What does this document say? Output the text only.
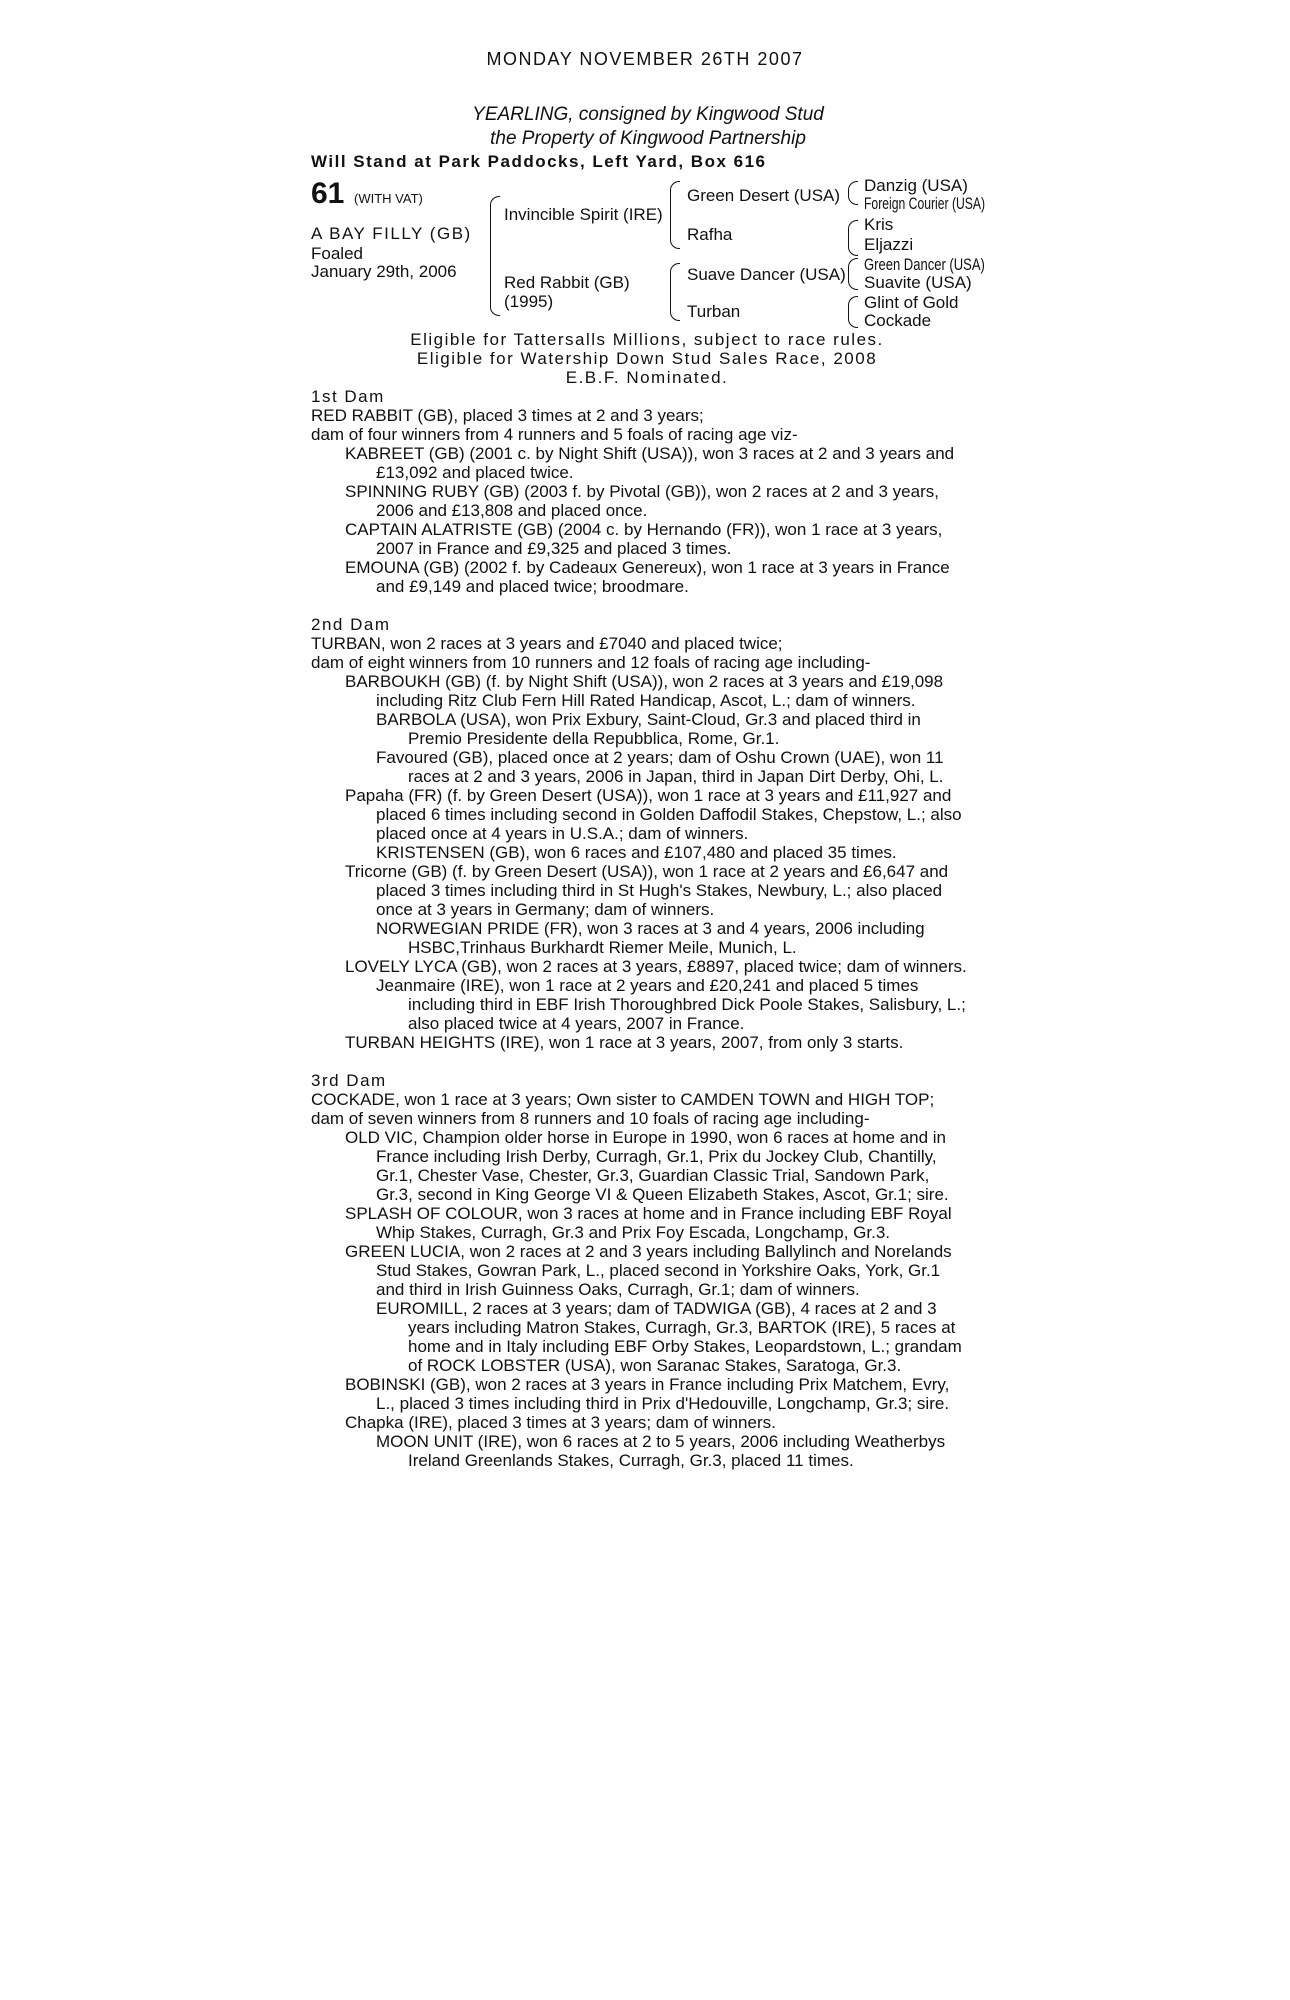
MONDAY NOVEMBER 26TH 2007
YEARLING, consigned by Kingwood Stud
the Property of Kingwood Partnership
Will Stand at Park Paddocks, Left Yard, Box 616
61 (WITH VAT)
A BAY FILLY (GB)
Foaled
January 29th, 2006
Invincible Spirit (IRE)
Red Rabbit (GB)
(1995)
Green Desert (USA)
Rafha
Suave Dancer (USA)
Turban
Danzig (USA)
Foreign Courier (USA)
Kris
Eljazzi
Green Dancer (USA)
Suavite (USA)
Glint of Gold
Cockade
Eligible for Tattersalls Millions, subject to race rules.
Eligible for Watership Down Stud Sales Race, 2008
E.B.F. Nominated.
1st Dam
RED RABBIT (GB), placed 3 times at 2 and 3 years;
dam of four winners from 4 runners and 5 foals of racing age viz-
KABREET (GB) (2001 c. by Night Shift (USA)), won 3 races at 2 and 3 years and
£13,092 and placed twice.
SPINNING RUBY (GB) (2003 f. by Pivotal (GB)), won 2 races at 2 and 3 years,
2006 and £13,808 and placed once.
CAPTAIN ALATRISTE (GB) (2004 c. by Hernando (FR)), won 1 race at 3 years,
2007 in France and £9,325 and placed 3 times.
EMOUNA (GB) (2002 f. by Cadeaux Genereux), won 1 race at 3 years in France
and £9,149 and placed twice; broodmare.
2nd Dam
TURBAN, won 2 races at 3 years and £7040 and placed twice;
dam of eight winners from 10 runners and 12 foals of racing age including-
BARBOUKH (GB) (f. by Night Shift (USA)), won 2 races at 3 years and £19,098
including Ritz Club Fern Hill Rated Handicap, Ascot, L.; dam of winners.
BARBOLA (USA), won Prix Exbury, Saint-Cloud, Gr.3 and placed third in
Premio Presidente della Repubblica, Rome, Gr.1.
Favoured (GB), placed once at 2 years; dam of Oshu Crown (UAE), won 11
races at 2 and 3 years, 2006 in Japan, third in Japan Dirt Derby, Ohi, L.
Papaha (FR) (f. by Green Desert (USA)), won 1 race at 3 years and £11,927 and
placed 6 times including second in Golden Daffodil Stakes, Chepstow, L.; also
placed once at 4 years in U.S.A.; dam of winners.
KRISTENSEN (GB), won 6 races and £107,480 and placed 35 times.
Tricorne (GB) (f. by Green Desert (USA)), won 1 race at 2 years and £6,647 and
placed 3 times including third in St Hugh's Stakes, Newbury, L.; also placed
once at 3 years in Germany; dam of winners.
NORWEGIAN PRIDE (FR), won 3 races at 3 and 4 years, 2006 including
HSBC,Trinhaus Burkhardt Riemer Meile, Munich, L.
LOVELY LYCA (GB), won 2 races at 3 years, £8897, placed twice; dam of winners.
Jeanmaire (IRE), won 1 race at 2 years and £20,241 and placed 5 times
including third in EBF Irish Thoroughbred Dick Poole Stakes, Salisbury, L.;
also placed twice at 4 years, 2007 in France.
TURBAN HEIGHTS (IRE), won 1 race at 3 years, 2007, from only 3 starts.
3rd Dam
COCKADE, won 1 race at 3 years; Own sister to CAMDEN TOWN and HIGH TOP;
dam of seven winners from 8 runners and 10 foals of racing age including-
OLD VIC, Champion older horse in Europe in 1990, won 6 races at home and in
France including Irish Derby, Curragh, Gr.1, Prix du Jockey Club, Chantilly,
Gr.1, Chester Vase, Chester, Gr.3, Guardian Classic Trial, Sandown Park,
Gr.3, second in King George VI & Queen Elizabeth Stakes, Ascot, Gr.1; sire.
SPLASH OF COLOUR, won 3 races at home and in France including EBF Royal
Whip Stakes, Curragh, Gr.3 and Prix Foy Escada, Longchamp, Gr.3.
GREEN LUCIA, won 2 races at 2 and 3 years including Ballylinch and Norelands
Stud Stakes, Gowran Park, L., placed second in Yorkshire Oaks, York, Gr.1
and third in Irish Guinness Oaks, Curragh, Gr.1; dam of winners.
EUROMILL, 2 races at 3 years; dam of TADWIGA (GB), 4 races at 2 and 3
years including Matron Stakes, Curragh, Gr.3, BARTOK (IRE), 5 races at
home and in Italy including EBF Orby Stakes, Leopardstown, L.; grandam
of ROCK LOBSTER (USA), won Saranac Stakes, Saratoga, Gr.3.
BOBINSKI (GB), won 2 races at 3 years in France including Prix Matchem, Evry,
L., placed 3 times including third in Prix d'Hedouville, Longchamp, Gr.3; sire.
Chapka (IRE), placed 3 times at 3 years; dam of winners.
MOON UNIT (IRE), won 6 races at 2 to 5 years, 2006 including Weatherbys
Ireland Greenlands Stakes, Curragh, Gr.3, placed 11 times.
